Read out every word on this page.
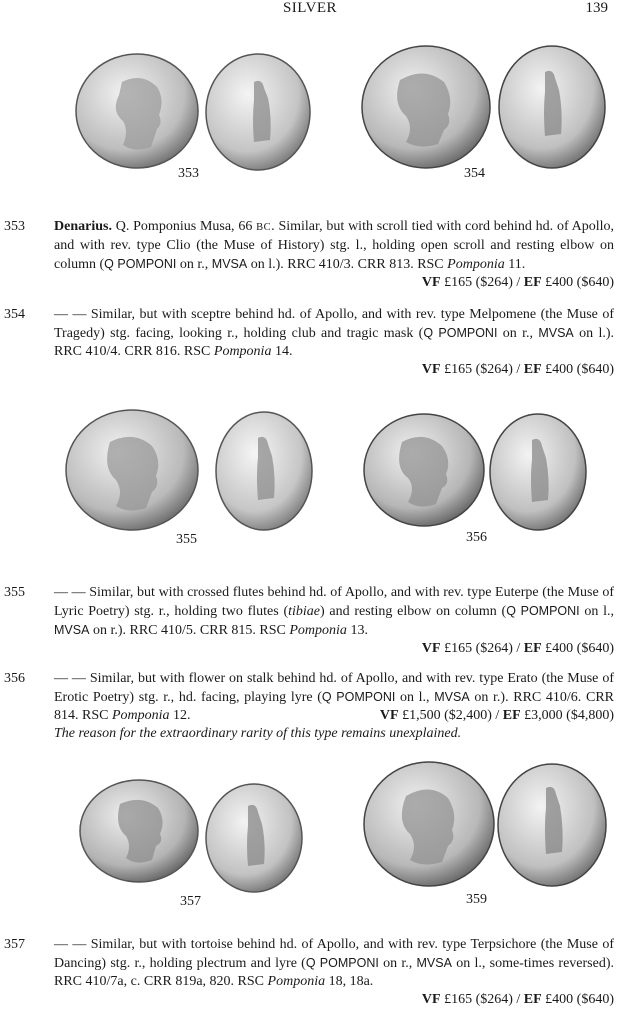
SILVER	139
353	354
353 Denarius. Q. Pomponius Musa, 66 BC. Similar, but with scroll tied with cord behind hd. of Apollo, and with rev. type Clio (the Muse of History) stg. l., holding open scroll and resting elbow on column (Q POMPONI on r., MVSA on l.). RRC 410/3. CRR 813. RSC Pomponia 11.
VF £165 ($264) / EF £400 ($640)

354 — — Similar, but with sceptre behind hd. of Apollo, and with rev. type Melpomene (the Muse of Tragedy) stg. facing, looking r., holding club and tragic mask (Q POMPONI on r., MVSA on l.). RRC 410/4. CRR 816. RSC Pomponia 14.

VF £165 ($264) / EF £400 ($640)

355	356
355 — — Similar, but with crossed flutes behind hd. of Apollo, and with rev. type Euterpe (the Muse of Lyric Poetry) stg. r., holding two flutes (tibiae) and resting elbow on column (Q POMPONI on l., MVSA on r.). RRC 410/5. CRR 815. RSC Pomponia 13.

VF £165 ($264) / EF £400 ($640)

356 — — Similar, but with flower on stalk behind hd. of Apollo, and with rev. type Erato (the Muse of Erotic Poetry) stg. r., hd. facing, playing lyre (Q POMPONI on l., MVSA on r.). RRC 410/6. CRR 814. RSC Pomponia 12.	VF £1,500 ($2,400) / EF £3,000 ($4,800)

The reason for the extraordinary rarity of this type remains unexplained.

357	359
357 — — Similar, but with tortoise behind hd. of Apollo, and with rev. type Terpsichore (the Muse of Dancing) stg. r., holding plectrum and lyre (Q POMPONI on r., MVSA on l., some-times reversed). RRC 410/7a, c. CRR 819a, 820. RSC Pomponia 18, 18a.

VF £165 ($264) / EF £400 ($640)
